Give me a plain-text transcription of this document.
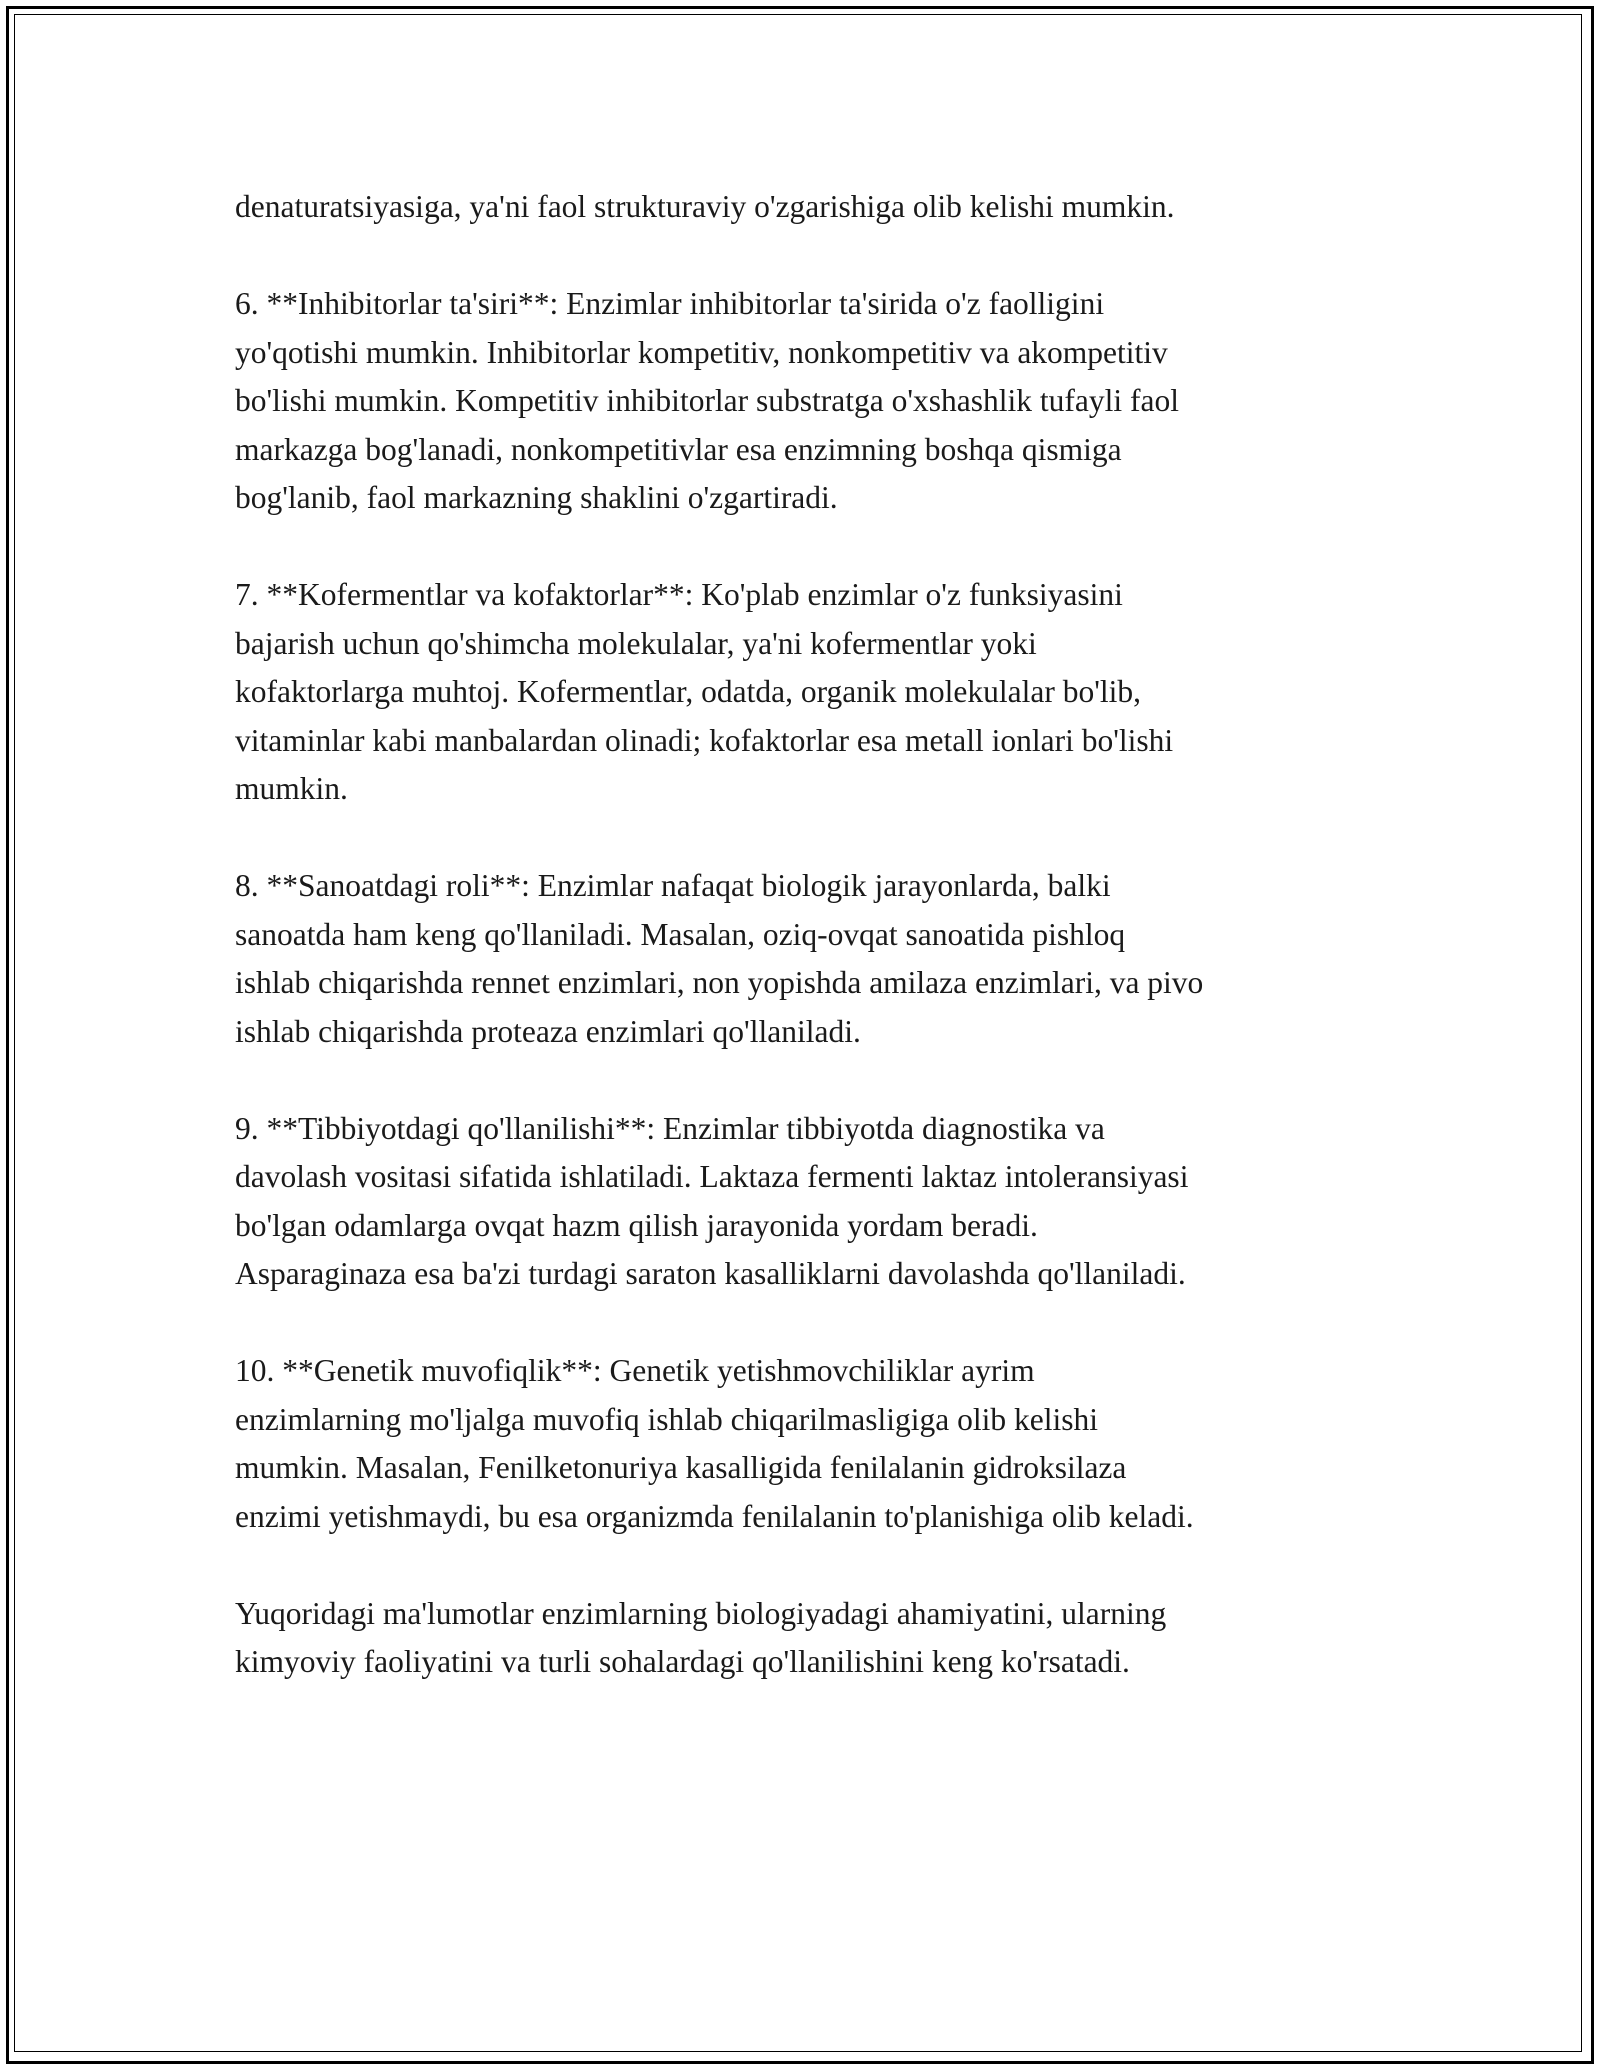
denaturatsiyasiga, ya'ni faol strukturaviy o'zgarishiga olib kelishi mumkin.

6. **Inhibitorlar ta'siri**: Enzimlar inhibitorlar ta'sirida o'z faolligini
yo'qotishi mumkin. Inhibitorlar kompetitiv, nonkompetitiv va akompetitiv
bo'lishi mumkin. Kompetitiv inhibitorlar substratga o'xshashlik tufayli faol
markazga bog'lanadi, nonkompetitivlar esa enzimning boshqa qismiga
bog'lanib, faol markazning shaklini o'zgartiradi.

7. **Kofermentlar va kofaktorlar**: Ko'plab enzimlar o'z funksiyasini
bajarish uchun qo'shimcha molekulalar, ya'ni kofermentlar yoki
kofaktorlarga muhtoj. Kofermentlar, odatda, organik molekulalar bo'lib,
vitaminlar kabi manbalardan olinadi; kofaktorlar esa metall ionlari bo'lishi
mumkin.

8. **Sanoatdagi roli**: Enzimlar nafaqat biologik jarayonlarda, balki
sanoatda ham keng qo'llaniladi. Masalan, oziq-ovqat sanoatida pishloq
ishlab chiqarishda rennet enzimlari, non yopishda amilaza enzimlari, va pivo
ishlab chiqarishda proteaza enzimlari qo'llaniladi.

9. **Tibbiyotdagi qo'llanilishi**: Enzimlar tibbiyotda diagnostika va
davolash vositasi sifatida ishlatiladi. Laktaza fermenti laktaz intoleransiyasi
bo'lgan odamlarga ovqat hazm qilish jarayonida yordam beradi.
Asparaginaza esa ba'zi turdagi saraton kasalliklarni davolashda qo'llaniladi.

10. **Genetik muvofiqlik**: Genetik yetishmovchiliklar ayrim
enzimlarning mo'ljalga muvofiq ishlab chiqarilmasligiga olib kelishi
mumkin. Masalan, Fenilketonuriya kasalligida fenilalanin gidroksilaza
enzimi yetishmaydi, bu esa organizmda fenilalanin to'planishiga olib keladi.

Yuqoridagi ma'lumotlar enzimlarning biologiyadagi ahamiyatini, ularning
kimyoviy faoliyatini va turli sohalardagi qo'llanilishini keng ko'rsatadi.
